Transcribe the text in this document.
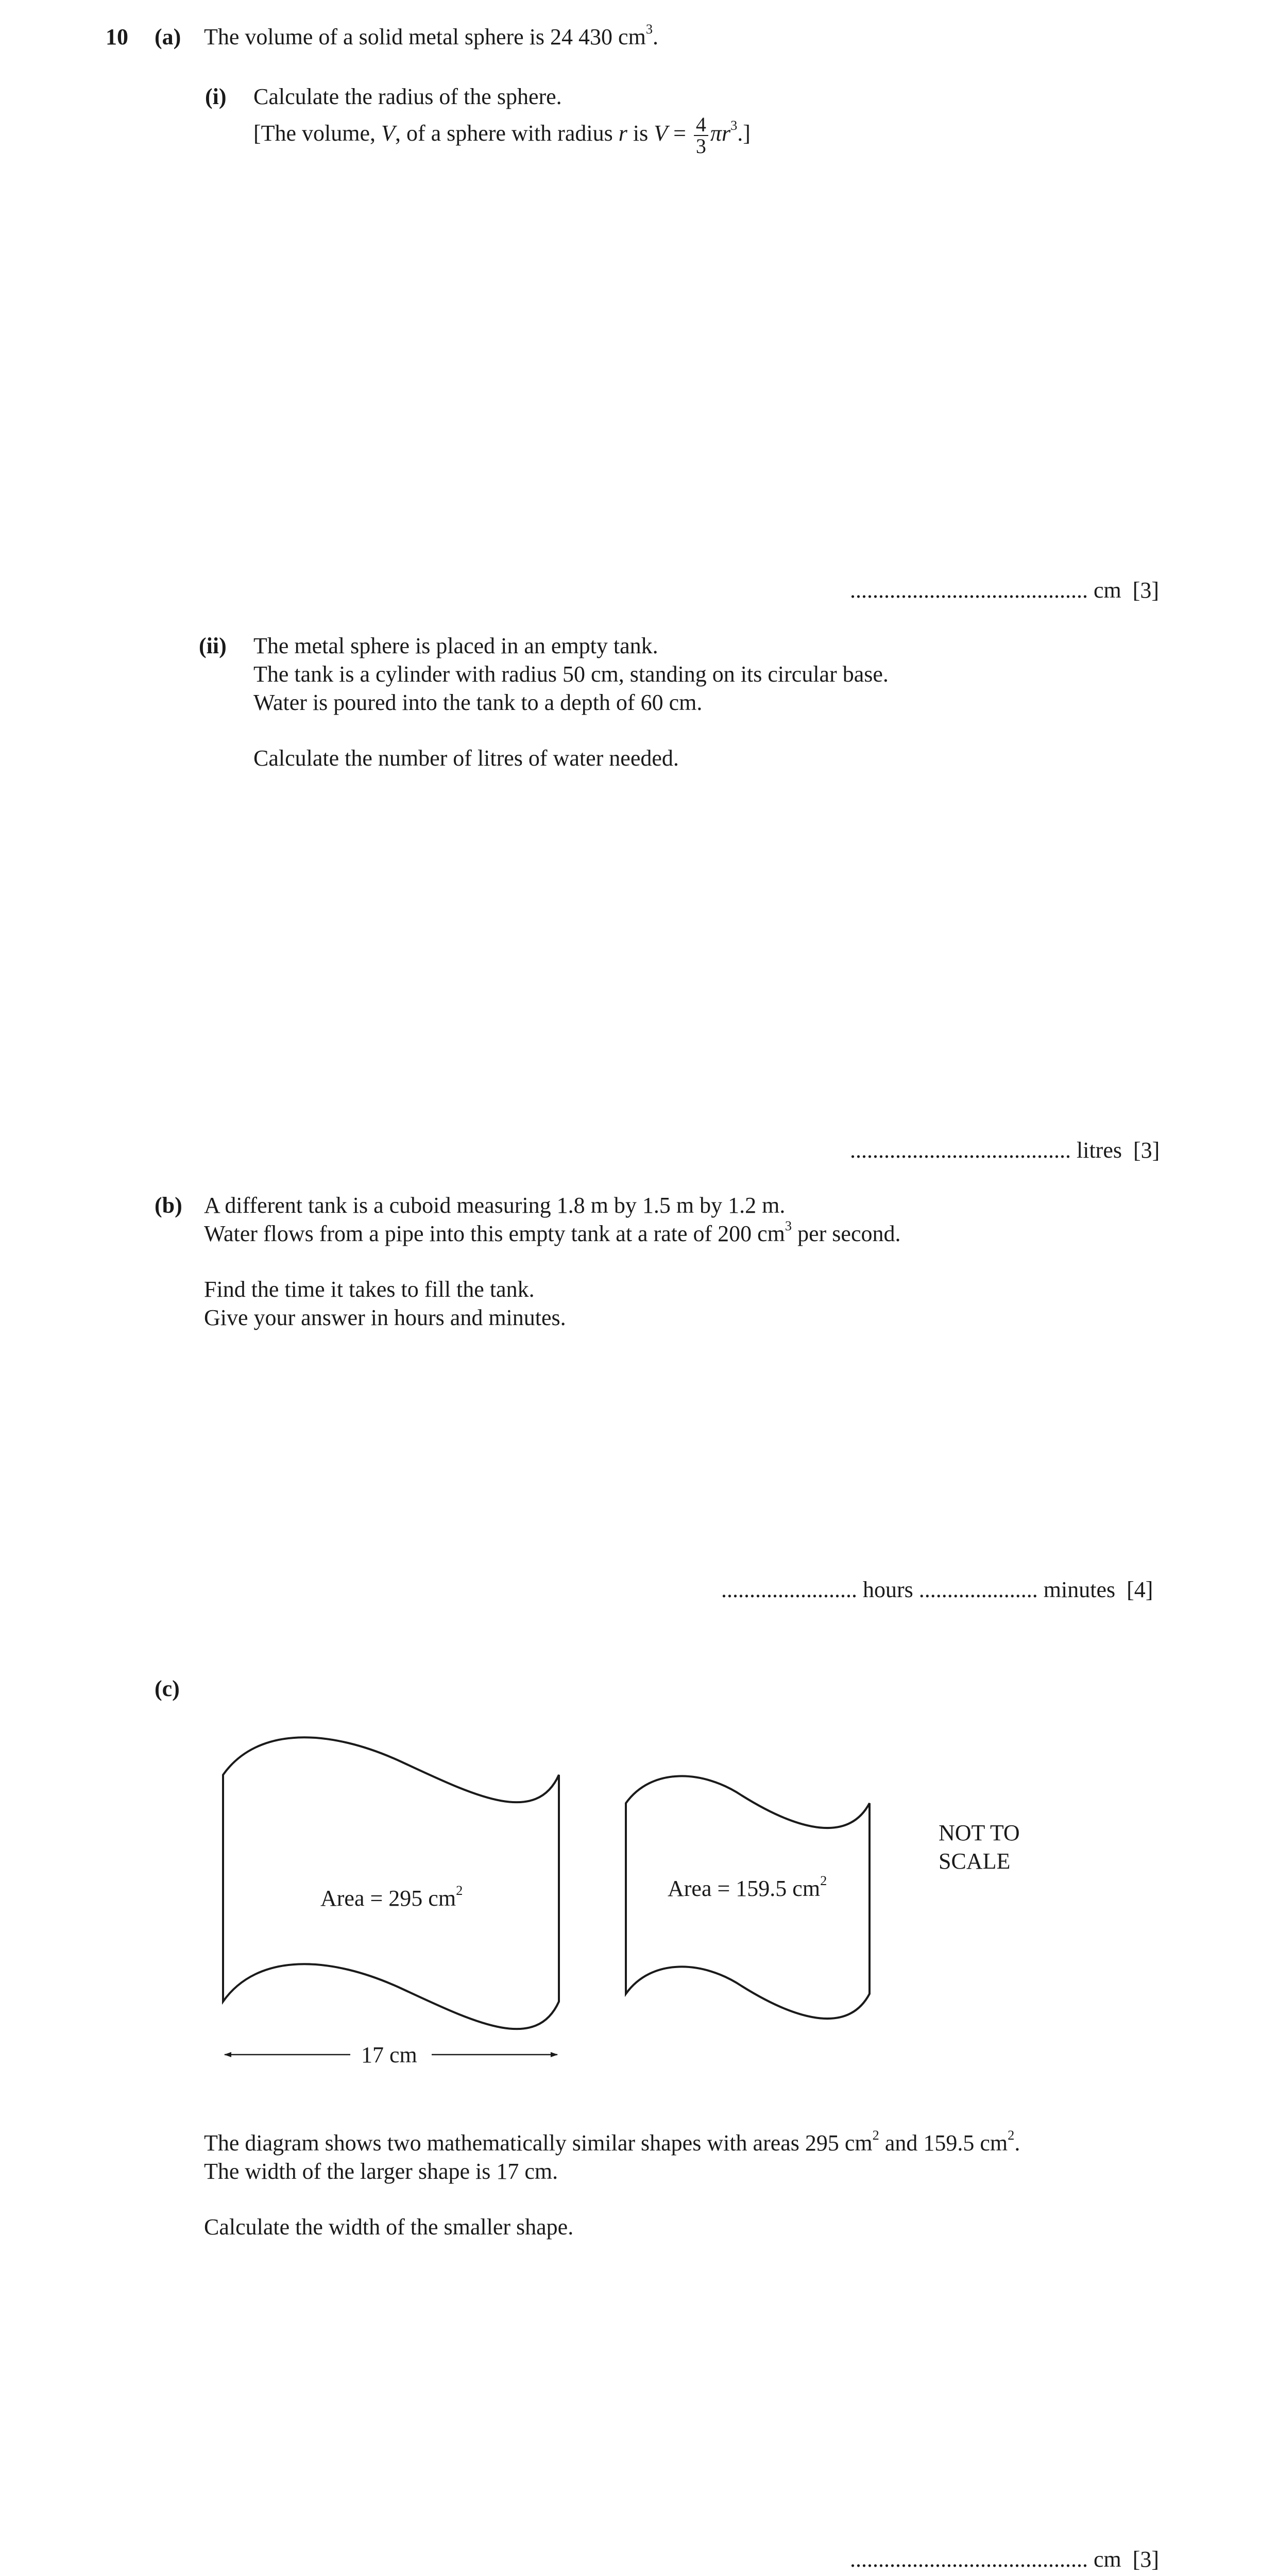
10 (a) The volume of a solid metal sphere is 24 430 $cm^3$.
(i) Calculate the radius of the sphere.
[The volume, V, of a sphere with radius r is $V = \frac{4}{3} \pi r^3$.]
.......................................... cm [3]
(ii) The metal sphere is placed in an empty tank.
The tank is a cylinder with radius 50 cm, standing on its circular base.
Water is poured into the tank to a depth of 60 cm.
Calculate the number of litres of water needed.
....................................... litres [3]
(b) A different tank is a cuboid measuring 1.8 m by 1.5 m by 1.2 m.
Water flows from a pipe into this empty tank at a rate of 200 $cm^3$ per second.
Find the time it takes to fill the tank.
Give your answer in hours and minutes.
........................ hours ..................... minutes [4]
(c)
Area = 295 $cm^2$	Area = 159.5 $cm^2$
17 cm
NOT TO
SCALE
The diagram shows two mathematically similar shapes with areas 295 $cm^2$ and 159.5 $cm^2$.
The width of the larger shape is 17 cm.
Calculate the width of the smaller shape.
.......................................... cm [3]
